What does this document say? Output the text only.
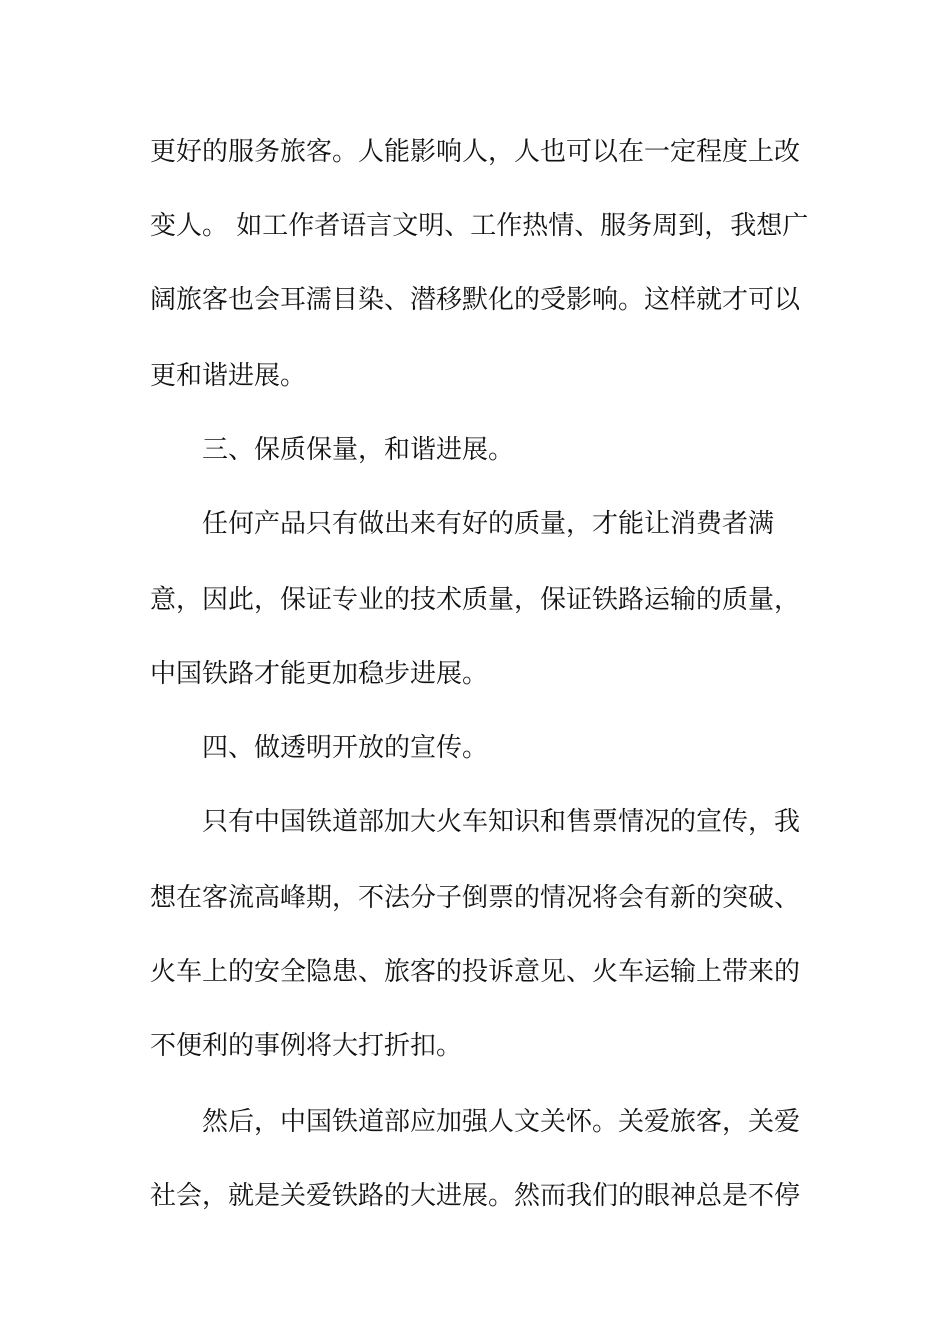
更好的服务旅客。人能影响人，人也可以在一定程度上改
变人。 如工作者语言文明、工作热情、服务周到，我想广
阔旅客也会耳濡目染、潜移默化的受影响。这样就才可以
更和谐进展。
三、保质保量，和谐进展。
任何产品只有做出来有好的质量，才能让消费者满
意，因此，保证专业的技术质量，保证铁路运输的质量，
中国铁路才能更加稳步进展。
四、做透明开放的宣传。
只有中国铁道部加大火车知识和售票情况的宣传，我
想在客流高峰期，不法分子倒票的情况将会有新的突破、
火车上的安全隐患、旅客的投诉意见、火车运输上带来的
不便利的事例将大打折扣。
然后，中国铁道部应加强人文关怀。关爱旅客，关爱
社会，就是关爱铁路的大进展。然而我们的眼神总是不停
